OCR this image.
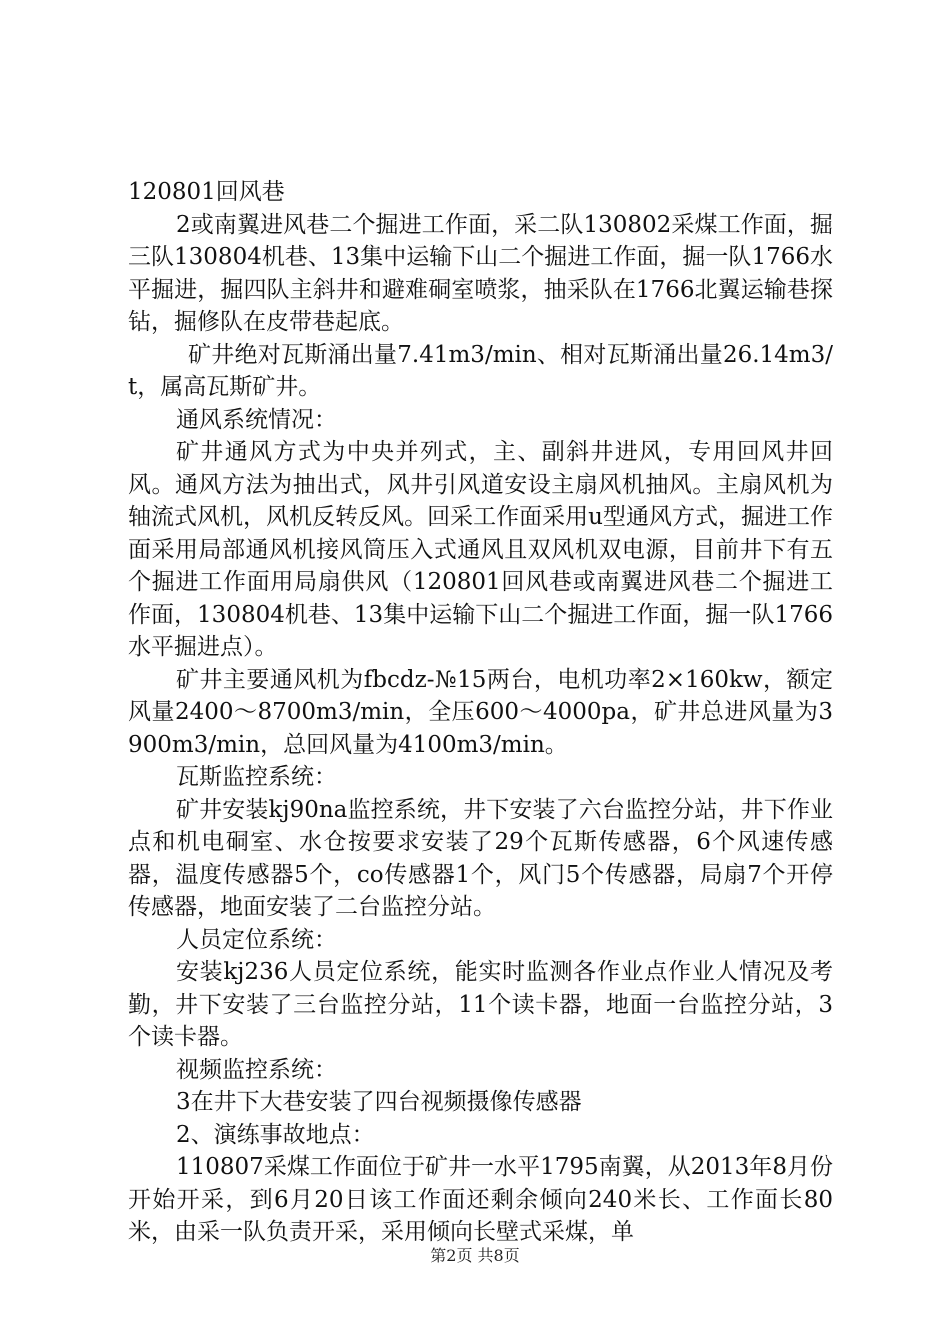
120801回风巷

2或南翼进风巷二个掘进工作面，采二队130802采煤工作面，掘三队130804机巷、13集中运输下山二个掘进工作面，掘一队1766水平掘进，掘四队主斜井和避难硐室喷浆，抽采队在1766北翼运输巷探钻，掘修队在皮带巷起底。

矿井绝对瓦斯涌出量7.41m3/min、相对瓦斯涌出量26.14m3/t，属高瓦斯矿井。

通风系统情况：

矿井通风方式为中央并列式，主、副斜井进风，专用回风井回风。通风方法为抽出式，风井引风道安设主扇风机抽风。主扇风机为轴流式风机，风机反转反风。回采工作面采用u型通风方式，掘进工作面采用局部通风机接风筒压入式通风且双风机双电源，目前井下有五个掘进工作面用局扇供风（120801回风巷或南翼进风巷二个掘进工作面，130804机巷、13集中运输下山二个掘进工作面，掘一队1766水平掘进点）。

矿井主要通风机为fbcdz-№15两台，电机功率2×160kw，额定风量2400～8700m3/min，全压600～4000pa，矿井总进风量为3900m3/min，总回风量为4100m3/min。

瓦斯监控系统：

矿井安装kj90na监控系统，井下安装了六台监控分站，井下作业点和机电硐室、水仓按要求安装了29个瓦斯传感器，6个风速传感器，温度传感器5个，co传感器1个，风门5个传感器，局扇7个开停传感器，地面安装了二台监控分站。

人员定位系统：

安装kj236人员定位系统，能实时监测各作业点作业人情况及考勤，井下安装了三台监控分站，11个读卡器，地面一台监控分站，3个读卡器。

视频监控系统：

3在井下大巷安装了四台视频摄像传感器

2、演练事故地点：

110807采煤工作面位于矿井一水平1795南翼，从2013年8月份开始开采，到6月20日该工作面还剩余倾向240米长、工作面长80米，由采一队负责开采，采用倾向长壁式采煤，单

第2页 共8页
